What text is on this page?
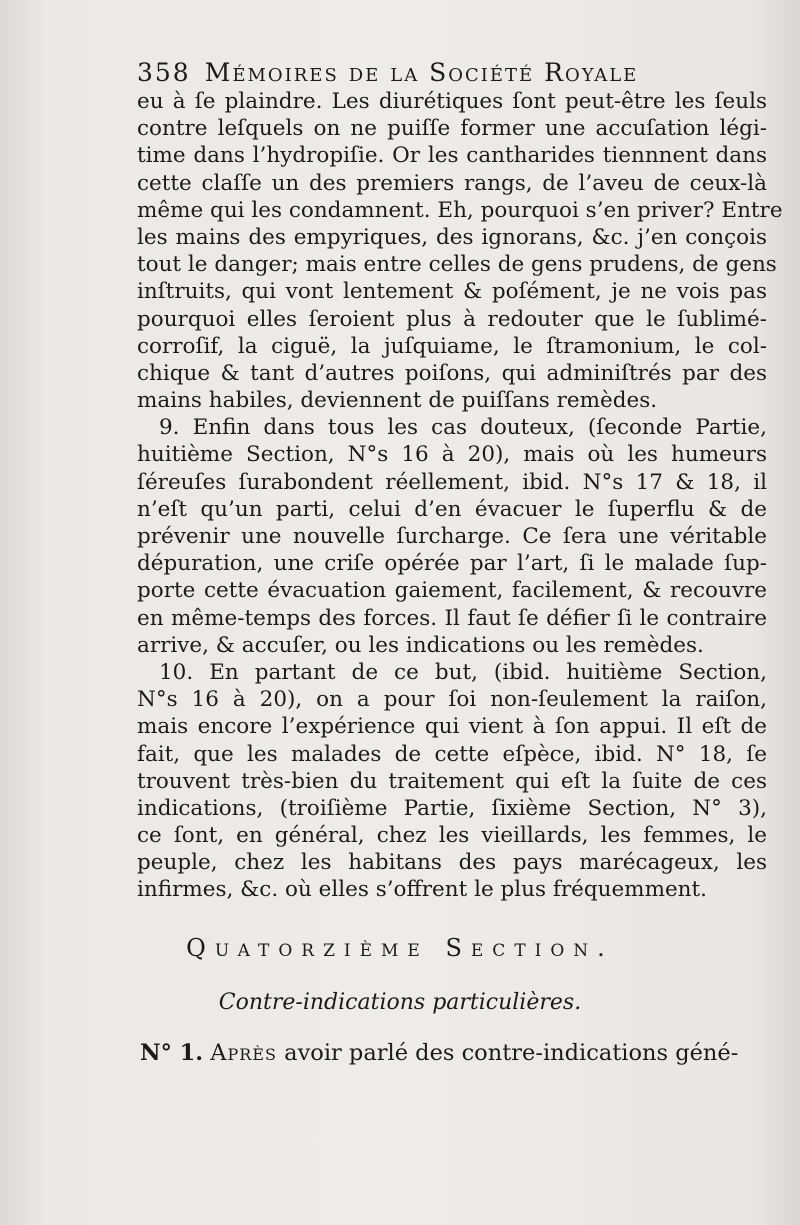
358 Mémoires de la Société Royale
eu à ſe plaindre. Les diurétiques ſont peut-être les ſeuls
contre leſquels on ne puiſſe former une accuſation légi-
time dans l’hydropiſie. Or les cantharides tiennnent dans
cette claſſe un des premiers rangs, de l’aveu de ceux-là
même qui les condamnent. Eh, pourquoi s’en priver? Entre
les mains des empyriques, des ignorans, &c. j’en conçois
tout le danger; mais entre celles de gens prudens, de gens
inſtruits, qui vont lentement & poſément, je ne vois pas
pourquoi elles ſeroient plus à redouter que le ſublimé-
corroſif, la ciguë, la juſquiame, le ſtramonium, le col-
chique & tant d’autres poiſons, qui adminiſtrés par des
mains habiles, deviennent de puiſſans remèdes.
9. Enfin dans tous les cas douteux, (ſeconde Partie,
huitième Section, N°s 16 à 20), mais où les humeurs
ſéreuſes ſurabondent réellement, ibid. N°s 17 & 18, il
n’eſt qu’un parti, celui d’en évacuer le ſuperflu & de
prévenir une nouvelle ſurcharge. Ce ſera une véritable
dépuration, une criſe opérée par l’art, ſi le malade ſup-
porte cette évacuation gaiement, facilement, & recouvre
en même-temps des forces. Il faut ſe défier ſi le contraire
arrive, & accuſer, ou les indications ou les remèdes.
10. En partant de ce but, (ibid. huitième Section,
N°s 16 à 20), on a pour ſoi non-ſeulement la raiſon,
mais encore l’expérience qui vient à ſon appui. Il eſt de
fait, que les malades de cette eſpèce, ibid. N° 18, ſe
trouvent très-bien du traitement qui eſt la ſuite de ces
indications, (troiſième Partie, ſixième Section, N° 3),
ce ſont, en général, chez les vieillards, les femmes, le
peuple, chez les habitans des pays marécageux, les
infirmes, &c. où elles s’offrent le plus fréquemment.
Quatorzième Section.
Contre-indications particulières.
N° 1. Après avoir parlé des contre-indications géné-
